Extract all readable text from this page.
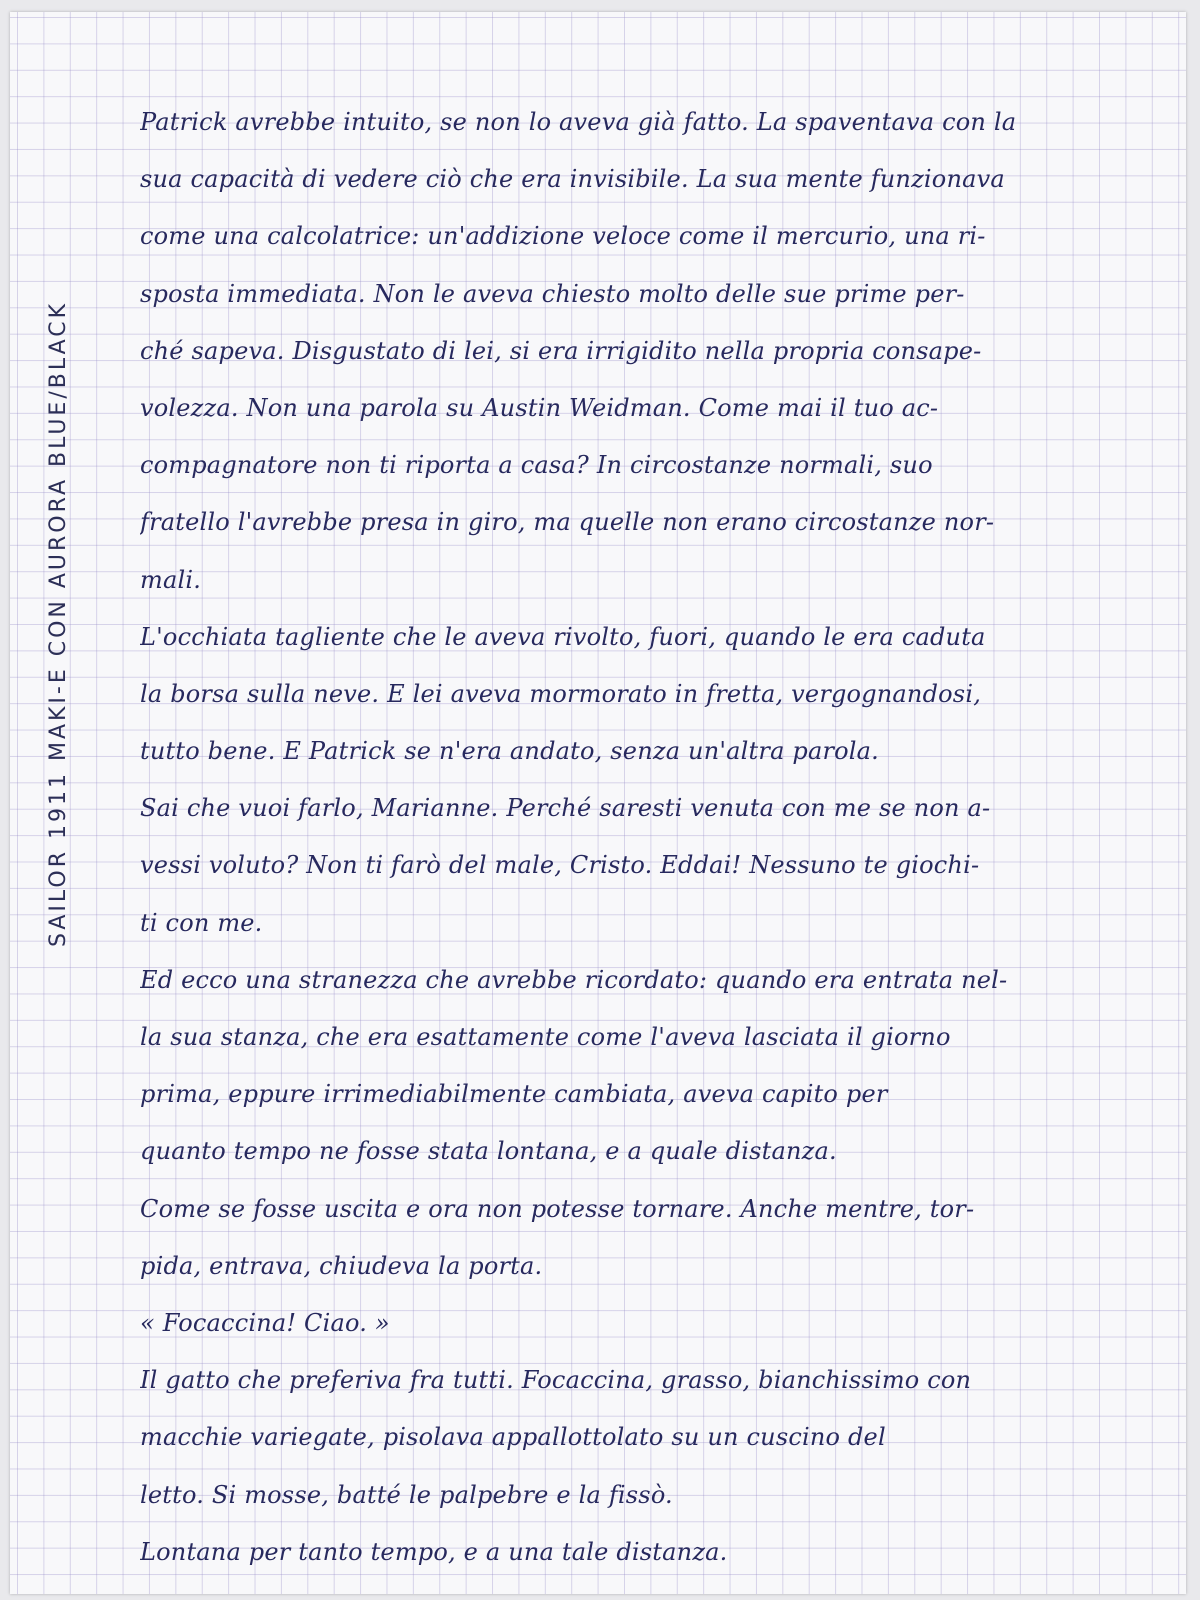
SAILOR 1911 MAKI-E CON AURORA BLUE/BLACK
Patrick avrebbe intuito, se non lo aveva già fatto. La spaventava con la
sua capacità di vedere ciò che era invisibile. La sua mente funzionava
come una calcolatrice: un'addizione veloce come il mercurio, una ri-
sposta immediata. Non le aveva chiesto molto delle sue prime per-
ché sapeva. Disgustato di lei, si era irrigidito nella propria consape-
volezza. Non una parola su Austin Weidman. Come mai il tuo ac-
compagnatore non ti riporta a casa? In circostanze normali, suo
fratello l'avrebbe presa in giro, ma quelle non erano circostanze nor-
mali.
L'occhiata tagliente che le aveva rivolto, fuori, quando le era caduta
la borsa sulla neve. E lei aveva mormorato in fretta, vergognandosi,
tutto bene. E Patrick se n'era andato, senza un'altra parola.
Sai che vuoi farlo, Marianne. Perché saresti venuta con me se non a-
vessi voluto? Non ti farò del male, Cristo. Eddai! Nessuno te giochi-
ti con me.
Ed ecco una stranezza che avrebbe ricordato: quando era entrata nel-
la sua stanza, che era esattamente come l'aveva lasciata il giorno
prima, eppure irrimediabilmente cambiata, aveva capito per
quanto tempo ne fosse stata lontana, e a quale distanza.
Come se fosse uscita e ora non potesse tornare. Anche mentre, tor-
pida, entrava, chiudeva la porta.
« Focaccina! Ciao. »
Il gatto che preferiva fra tutti. Focaccina, grasso, bianchissimo con
macchie variegate, pisolava appallottolato su un cuscino del
letto. Si mosse, batté le palpebre e la fissò.
Lontana per tanto tempo, e a una tale distanza.
